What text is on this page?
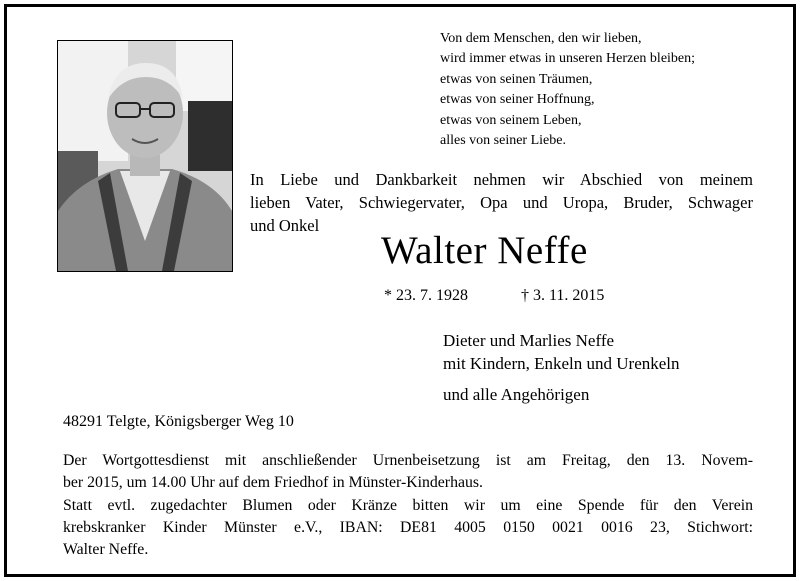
Von dem Menschen, den wir lieben,
wird immer etwas in unseren Herzen bleiben;
etwas von seinen Träumen,
etwas von seiner Hoffnung,
etwas von seinem Leben,
alles von seiner Liebe.

In Liebe und Dankbarkeit nehmen wir Abschied von meinem
lieben Vater, Schwiegervater, Opa und Uropa, Bruder, Schwager
und Onkel

Walter Neffe

* 23. 7. 1928	† 3. 11. 2015

Dieter und Marlies Neffe
mit Kindern, Enkeln und Urenkeln

und alle Angehörigen

48291 Telgte, Königsberger Weg 10

Der Wortgottesdienst mit anschließender Urnenbeisetzung ist am Freitag, den 13. Novem-
ber 2015, um 14.00 Uhr auf dem Friedhof in Münster-Kinderhaus.

Statt evtl. zugedachter Blumen oder Kränze bitten wir um eine Spende für den Verein
krebskranker Kinder Münster e.V., IBAN: DE81 4005 0150 0021 0016 23, Stichwort:
Walter Neffe.
